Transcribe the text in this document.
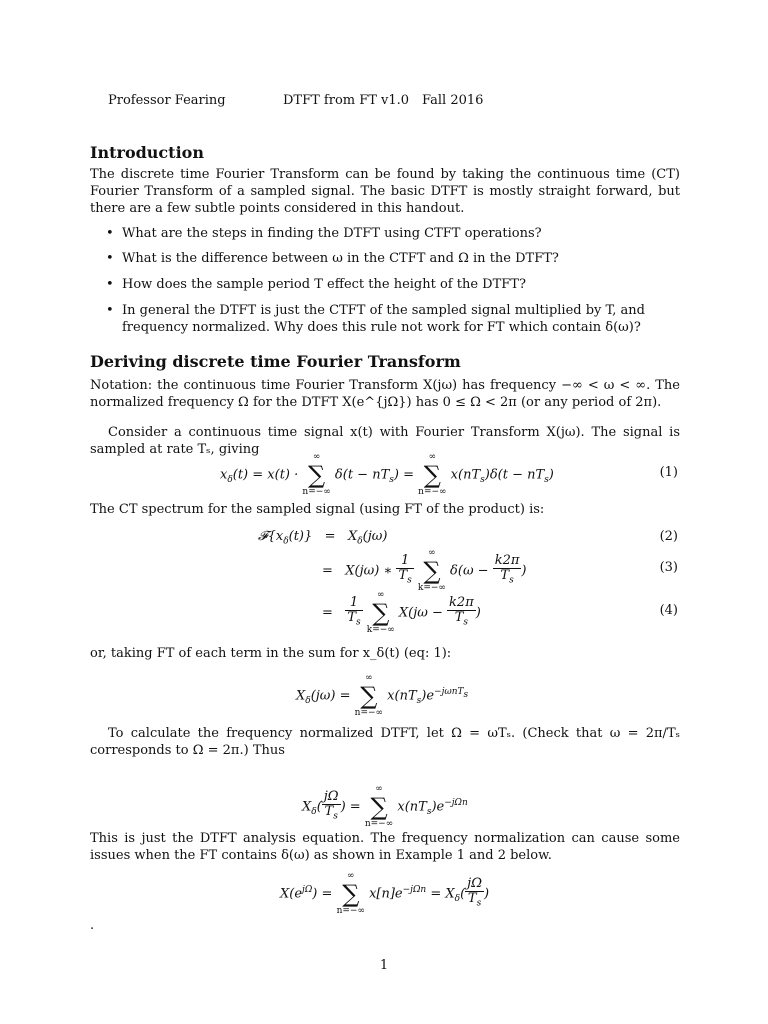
Professor Fearing	DTFT from FT v1.0 Fall 2016
Introduction

The discrete time Fourier Transform can be found by taking the continuous time (CT) Fourier Transform of a sampled signal. The basic DTFT is mostly straight forward, but there are a few subtle points considered in this handout.

• What are the steps in finding the DTFT using CTFT operations?
• What is the difference between ω in the CTFT and Ω in the DTFT?
• How does the sample period T effect the height of the DTFT?
• In general the DTFT is just the CTFT of the sampled signal multiplied by T, and frequency normalized. Why does this rule not work for FT which contain δ(ω)?
Deriving discrete time Fourier Transform

Notation: the continuous time Fourier Transform X(jω) has frequency −∞ < ω < ∞. The normalized frequency Ω for the DTFT X(e^{jΩ}) has 0 ≤ Ω < 2π (or any period of 2π).

Consider a continuous time signal x(t) with Fourier Transform X(jω). The signal is sampled at rate Tₛ, giving

$x_\delta(t) = x(t)$ ·
∞
∑
n=−∞
$\delta(t - nT_s)$ =
∞
∑
n=−∞
$x(nT_s)\delta(t - nT_s)$	(1)

The CT spectrum for the sampled signal (using FT of the product) is:

$𝓕\{x_\delta(t)\} = X_\delta(j\omega)$	(2)
=   X(jω) ∗ $\frac{1}{T_s}$

∞
∑
k=−∞
$\delta(\omega - \frac{k2\pi}{T_s}$ )	(3)
= $\frac{1}{T_s}$

∞
∑
k=−∞
$X(j\omega - \frac{k2\pi}{T_s}$ )	(4)

or, taking FT of each term in the sum for x_δ(t) (eq: 1):

$X_\delta(j\omega)$ =
∞
∑
n=−∞
$x(nT_s)e^{-j\omega nT_s}$

To calculate the frequency normalized DTFT, let Ω = ωTₛ. (Check that ω = 2π/Tₛ corresponds to Ω = 2π.) Thus

$X_\delta( \frac{j\Omega}{T_s}$ ) =
∞
∑
n=−∞
$x(nT_s)e^{-j\Omega n}$

This is just the DTFT analysis equation. The frequency normalization can cause some issues when the FT contains δ(ω) as shown in Example 1 and 2 below.

$X(e^{j\Omega})$ =
∞
∑
n=−∞
$x[n]e^{-j\Omega n} = X_\delta( \frac{j\Omega}{T_s}$ )
.
1
